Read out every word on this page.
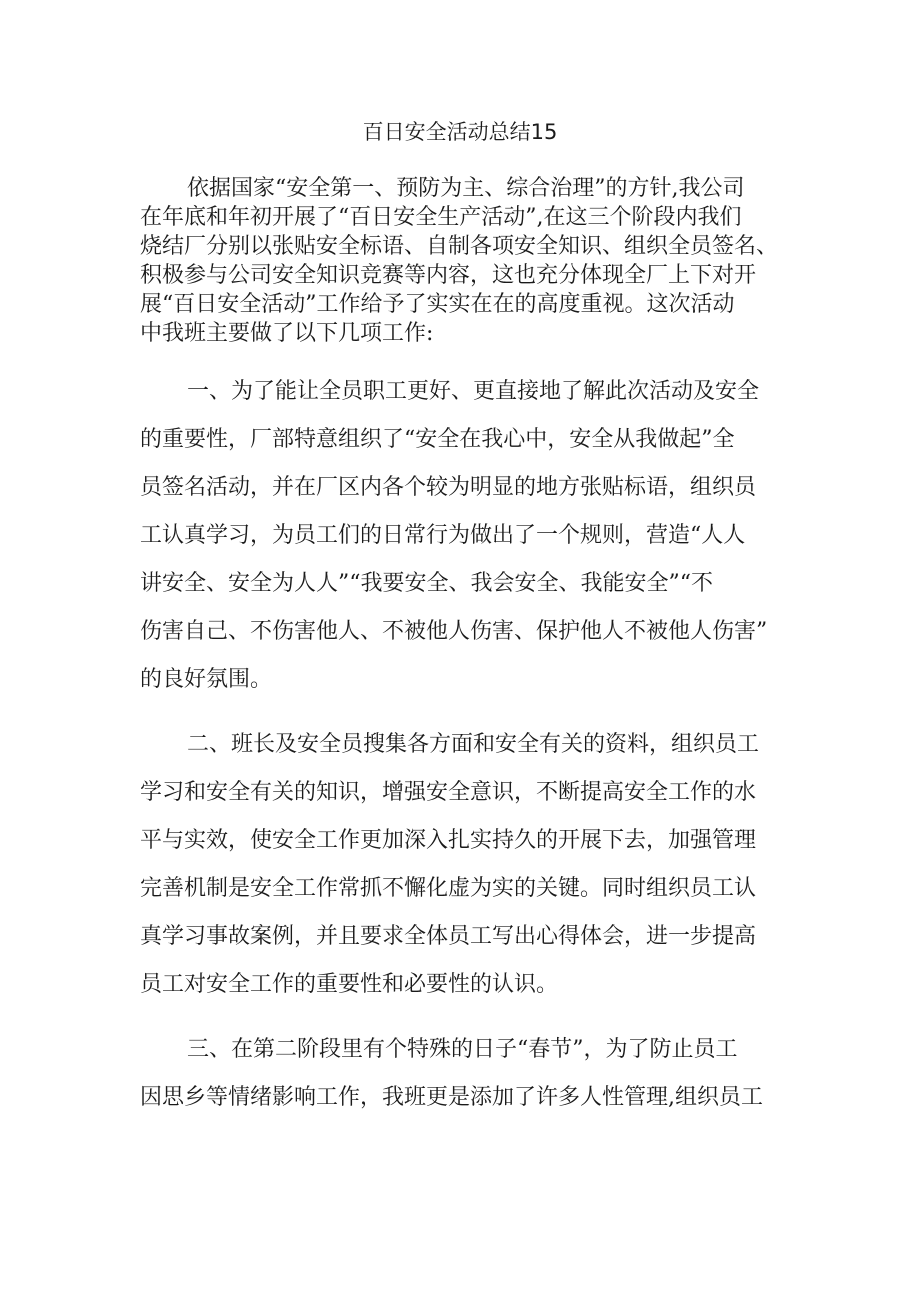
百日安全活动总结15

依据国家“安全第一、预防为主、综合治理”的方针,我公司

在年底和年初开展了“百日安全生产活动”,在这三个阶段内我们

烧结厂分别以张贴安全标语、自制各项安全知识、组织全员签名、

积极参与公司安全知识竞赛等内容，这也充分体现全厂上下对开

展“百日安全活动”工作给予了实实在在的高度重视。这次活动

中我班主要做了以下几项工作:

一、为了能让全员职工更好、更直接地了解此次活动及安全

的重要性，厂部特意组织了“安全在我心中，安全从我做起”全

员签名活动，并在厂区内各个较为明显的地方张贴标语，组织员

工认真学习，为员工们的日常行为做出了一个规则，营造“人人

讲安全、安全为人人”“我要安全、我会安全、我能安全”“不

伤害自己、不伤害他人、不被他人伤害、保护他人不被他人伤害”

的良好氛围。

二、班长及安全员搜集各方面和安全有关的资料，组织员工

学习和安全有关的知识，增强安全意识，不断提高安全工作的水

平与实效，使安全工作更加深入扎实持久的开展下去，加强管理

完善机制是安全工作常抓不懈化虚为实的关键。同时组织员工认

真学习事故案例，并且要求全体员工写出心得体会，进一步提高

员工对安全工作的重要性和必要性的认识。

三、在第二阶段里有个特殊的日子“春节”，为了防止员工

因思乡等情绪影响工作，我班更是添加了许多人性管理,组织员工
